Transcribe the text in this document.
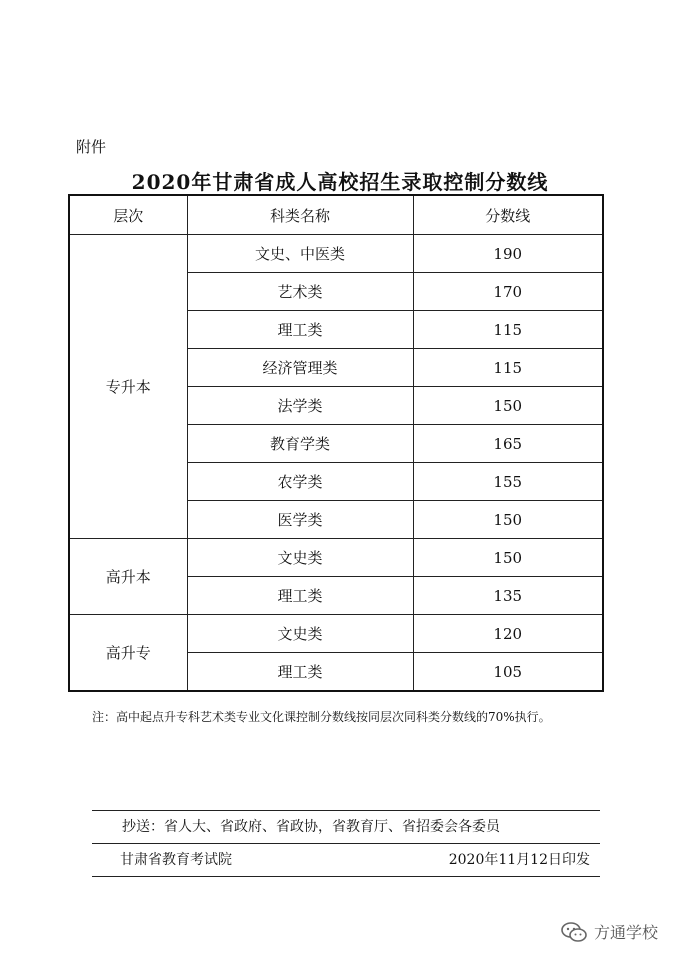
附件
2020年甘肃省成人高校招生录取控制分数线
层次	科类名称	分数线
专升本	文史、中医类	190
	艺术类	170
	理工类	115
	经济管理类	115
	法学类	150
	教育学类	165
	农学类	155
	医学类	150
高升本	文史类	150
	理工类	135
高升专	文史类	120
	理工类	105
注：高中起点升专科艺术类专业文化课控制分数线按同层次同科类分数线的70%执行。
抄送：省人大、省政府、省政协，省教育厅、省招委会各委员
甘肃省教育考试院	2020年11月12日印发
方通学校
